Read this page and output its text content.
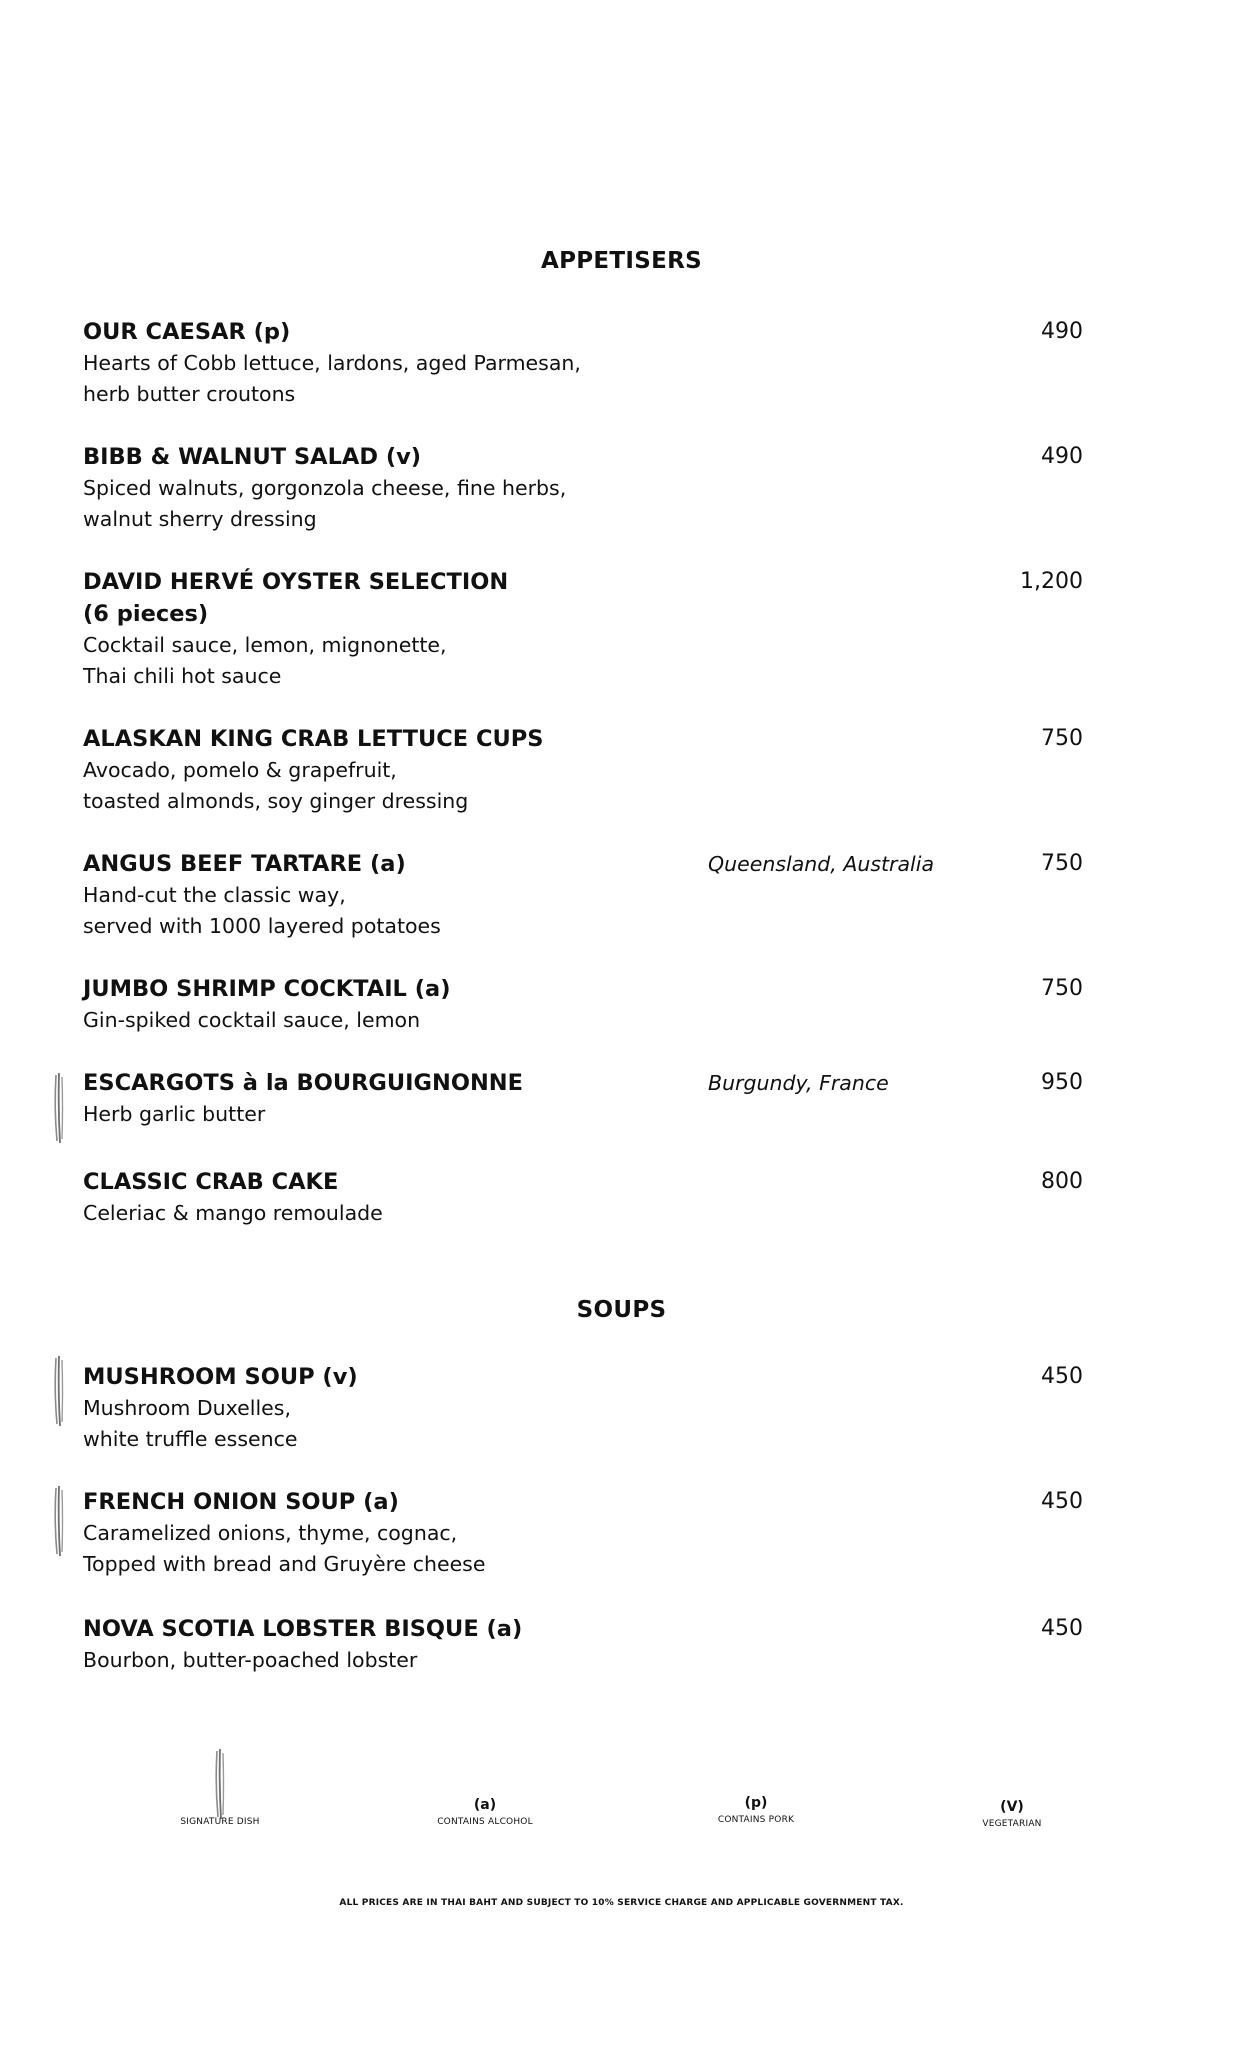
APPETISERS
OUR CAESAR (p)
Hearts of Cobb lettuce, lardons, aged Parmesan,
herb butter croutons
490
BIBB & WALNUT SALAD (v)
Spiced walnuts, gorgonzola cheese, fine herbs,
walnut sherry dressing
490
DAVID HERVÉ OYSTER SELECTION
(6 pieces)
Cocktail sauce, lemon, mignonette,
Thai chili hot sauce
1,200
ALASKAN KING CRAB LETTUCE CUPS
Avocado, pomelo & grapefruit,
toasted almonds, soy ginger dressing
750
ANGUS BEEF TARTARE (a)
Hand-cut the classic way,
served with 1000 layered potatoes
Queensland, Australia	750
JUMBO SHRIMP COCKTAIL (a)
Gin-spiked cocktail sauce, lemon
750
ESCARGOTS à la BOURGUIGNONNE
Herb garlic butter
Burgundy, France	950
CLASSIC CRAB CAKE
Celeriac & mango remoulade
800
SOUPS
MUSHROOM SOUP (v)
Mushroom Duxelles,
white truffle essence
450
FRENCH ONION SOUP (a)
Caramelized onions, thyme, cognac,
Topped with bread and Gruyère cheese
450
NOVA SCOTIA LOBSTER BISQUE (a)
Bourbon, butter-poached lobster
450
SIGNATURE DISH
(a)
CONTAINS ALCOHOL
(p)
CONTAINS PORK
(V)
VEGETARIAN
ALL PRICES ARE IN THAI BAHT AND SUBJECT TO 10% SERVICE CHARGE AND APPLICABLE GOVERNMENT TAX.
